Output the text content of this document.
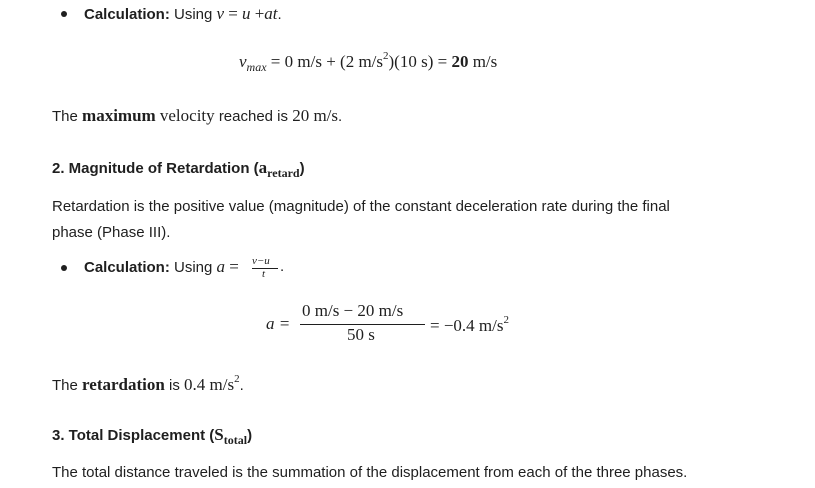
Calculation: Using v = u +at.
$v_{max} = 0$ m/s + (2 $m/s^2)(10$ s) = 20 m/s
The maximum velocity reached is 20 m/s.
2. Magnitude of Retardation $(a_{retard})$
Retardation is the positive value (magnitude) of the constant deceleration rate during the final
phase (Phase III).
Calculation: Using a = v−u
t .
a =
0 m/s − 20 m/s
50 s	= −0.4 $m/s^2$
The retardation is 0.4 $m/s^2$.
3. Total Displacement $(S_{total})$
The total distance traveled is the summation of the displacement from each of the three phases.
